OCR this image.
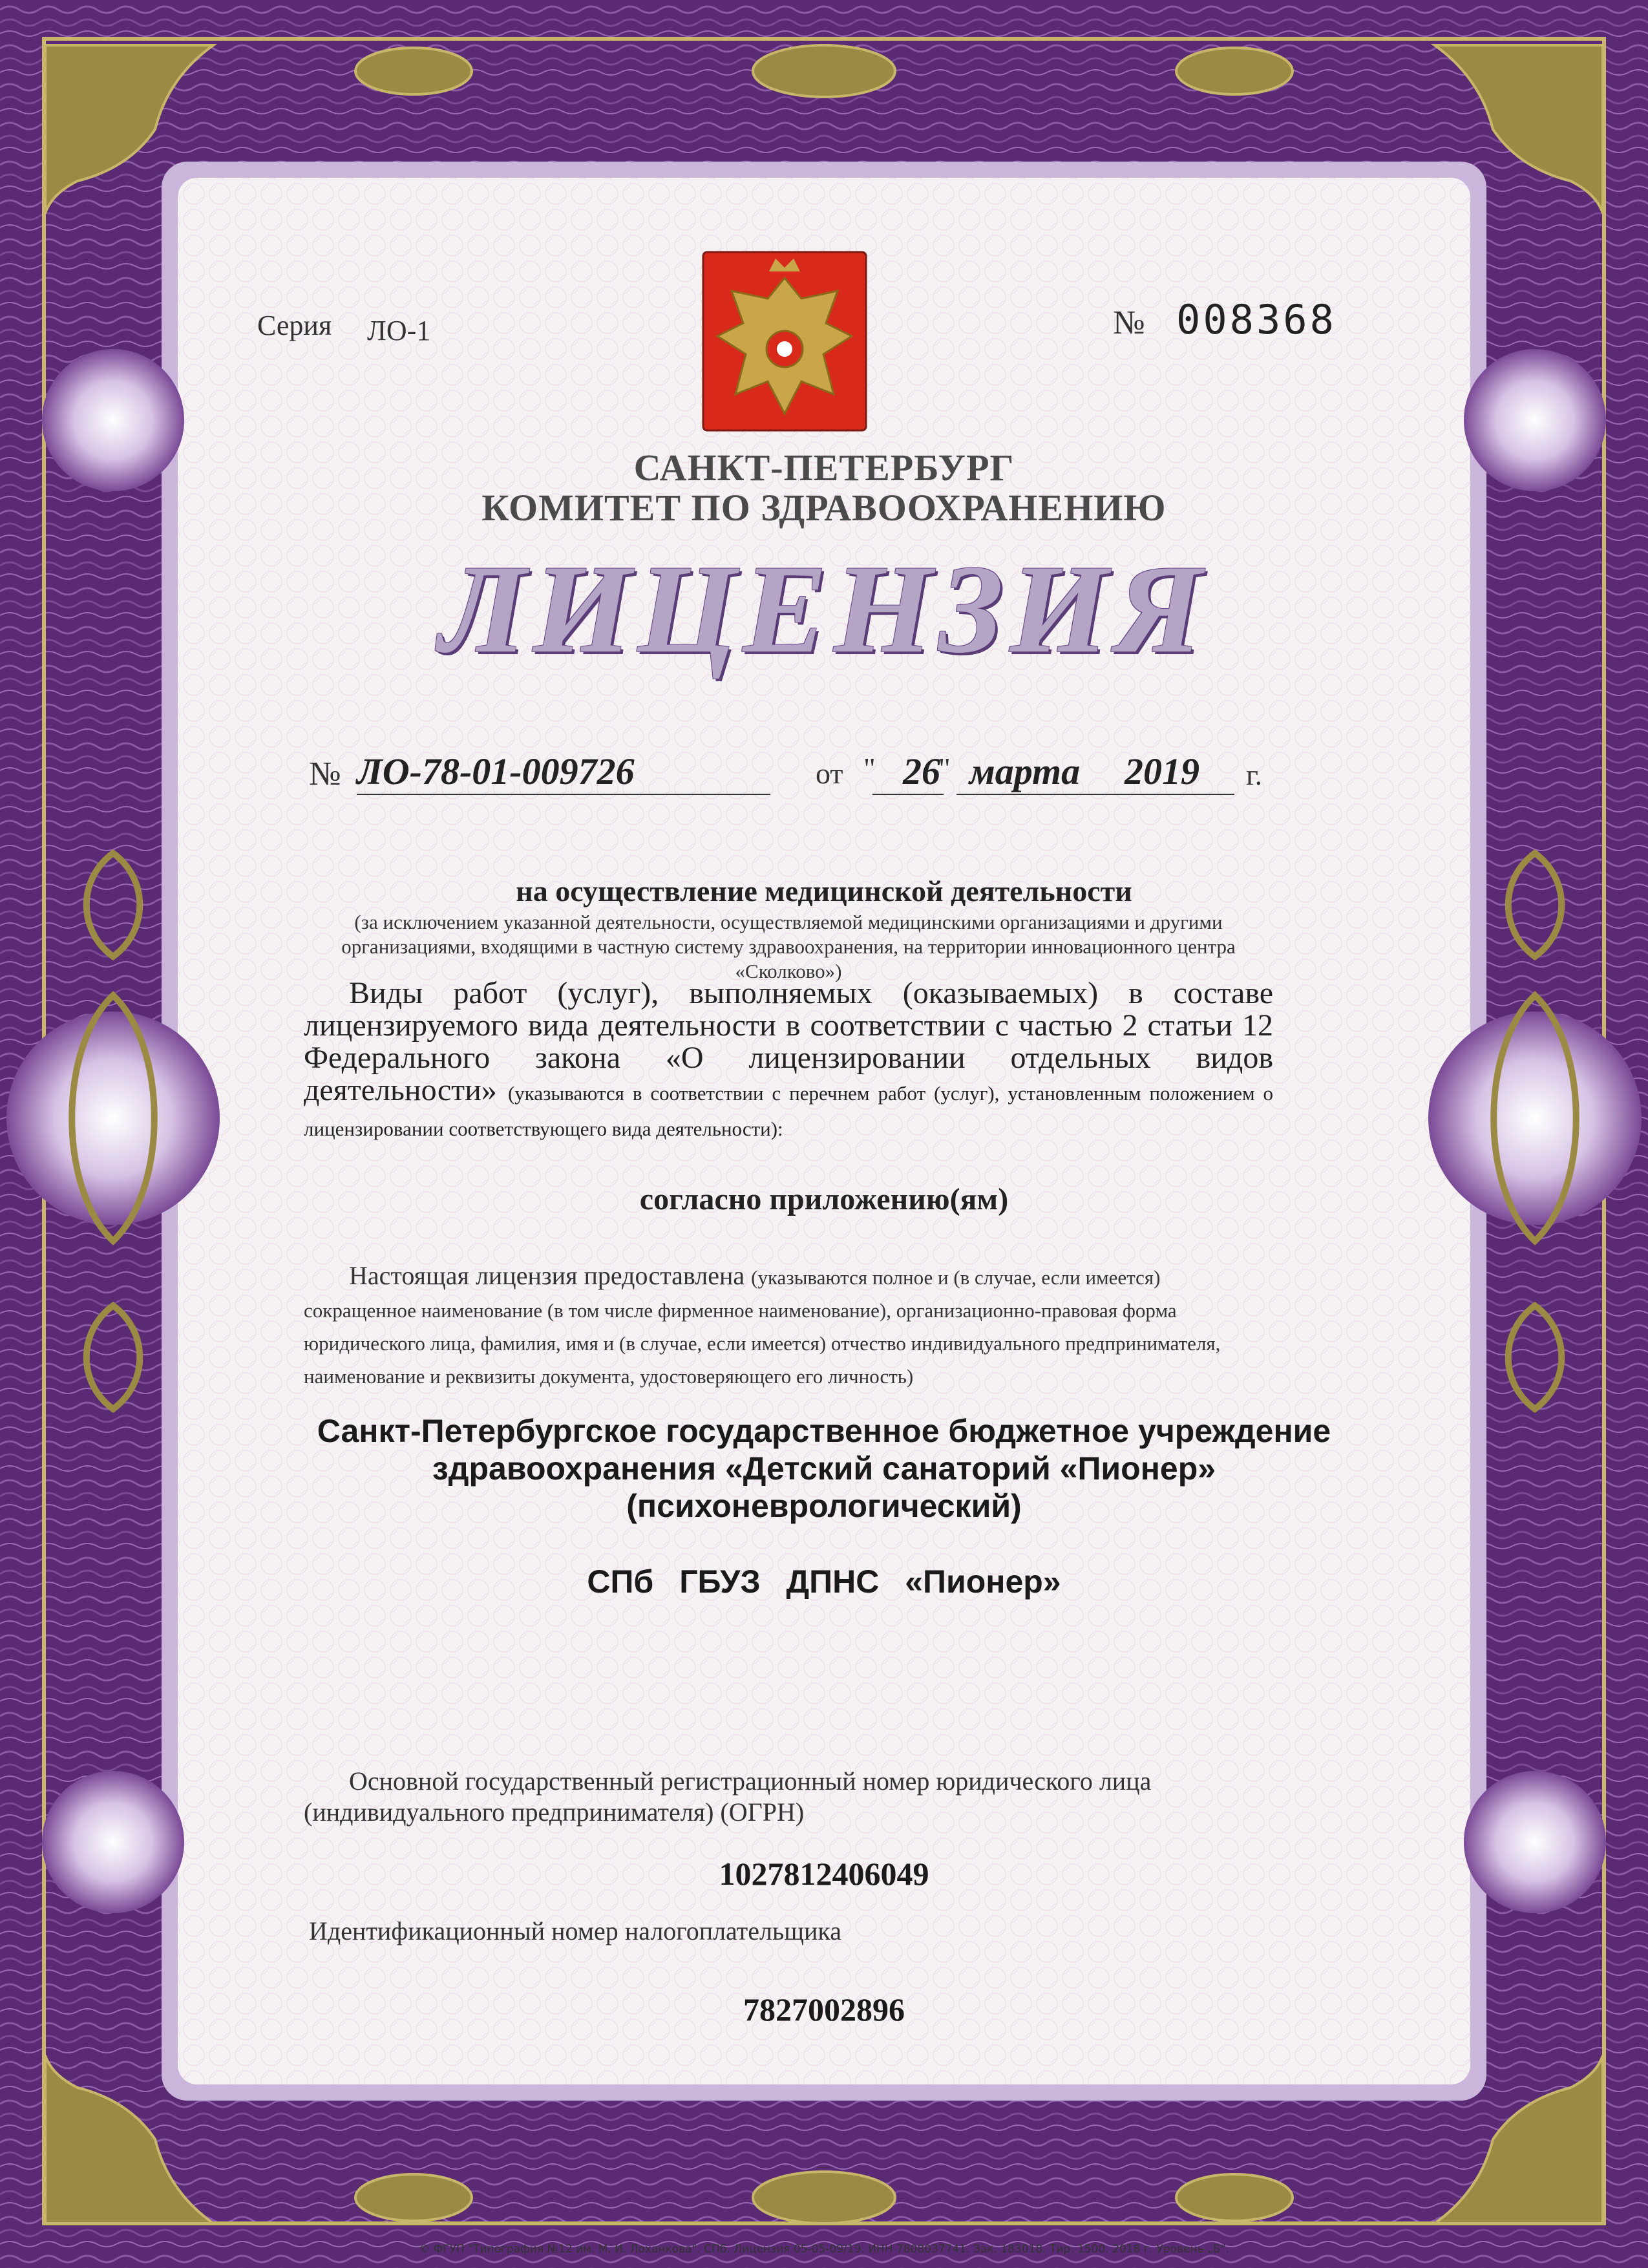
Серия ЛО-1	№ 008368
САНКТ-ПЕТЕРБУРГ
КОМИТЕТ ПО ЗДРАВООХРАНЕНИЮ
ЛИЦЕНЗИЯ
№ ЛО-78-01-009726	от " 26
" марта 2019 г.
на осуществление медицинской деятельности
(за исключением указанной деятельности, осуществляемой медицинскими организациями и другими организациями, входящими в частную систему здравоохранения, на территории инновационного центра «Сколково»)
Виды работ (услуг), выполняемых (оказываемых) в составе лицензируемого вида деятельности в соответствии с частью 2 статьи 12 Федерального закона «О лицензировании отдельных видов деятельности» (указываются в соответствии с перечнем работ (услуг), установленным положением о лицензировании соответствующего вида деятельности):
согласно приложению(ям)
Настоящая лицензия предоставлена (указываются полное и (в случае, если имеется) сокращенное наименование (в том числе фирменное наименование), организационно-правовая форма юридического лица, фамилия, имя и (в случае, если имеется) отчество индивидуального предпринимателя, наименование и реквизиты документа, удостоверяющего его личность)
Санкт-Петербургское государственное бюджетное учреждение
здравоохранения «Детский санаторий «Пионер»
(психоневрологический)
СПб ГБУЗ ДПНС «Пионер»
Основной государственный регистрационный номер юридического лица (индивидуального предпринимателя) (ОГРН)
1027812406049
Идентификационный номер налогоплательщика
7827002896
© ФГУП "Типография №12 им. М. И. Лоханкова". СПб. Лицензия 05-05-09/19. ИНН 7808037741. Зак. 183018. Тир. 1500. 2018 г. Уровень „Б".
